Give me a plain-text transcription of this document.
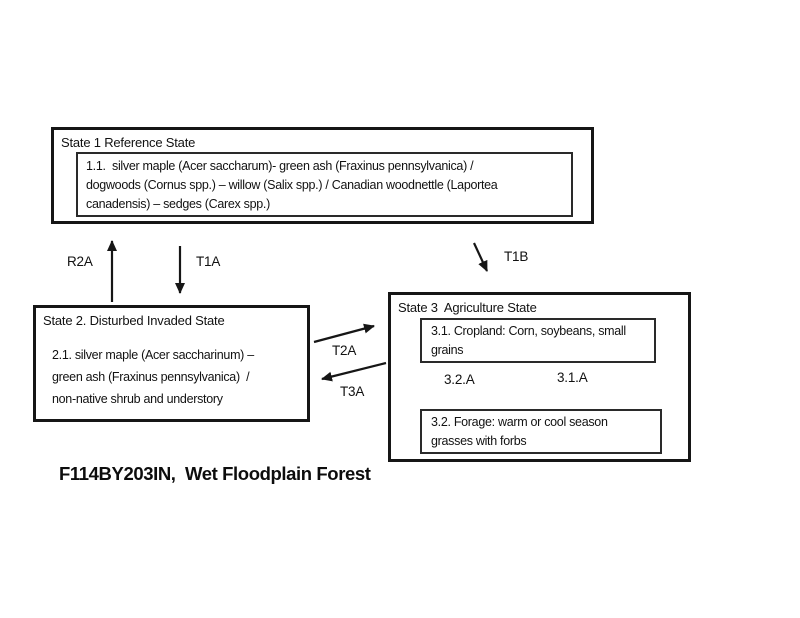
State 1 Reference State
1.1.  silver maple (Acer saccharum)- green ash (Fraxinus pennsylvanica) /
dogwoods (Cornus spp.) – willow (Salix spp.) / Canadian woodnettle (Laportea
canadensis) – sedges (Carex spp.)
State 2. Disturbed Invaded State
2.1. silver maple (Acer saccharinum) –
green ash (Fraxinus pennsylvanica)  /
non-native shrub and understory
State 3  Agriculture State
3.1. Cropland: Corn, soybeans, small
grains
3.2. Forage: warm or cool season
grasses with forbs
R2A	T1A	T1B
T2A
T3A
3.2.A	3.1.A
F114BY203IN,  Wet Floodplain Forest
